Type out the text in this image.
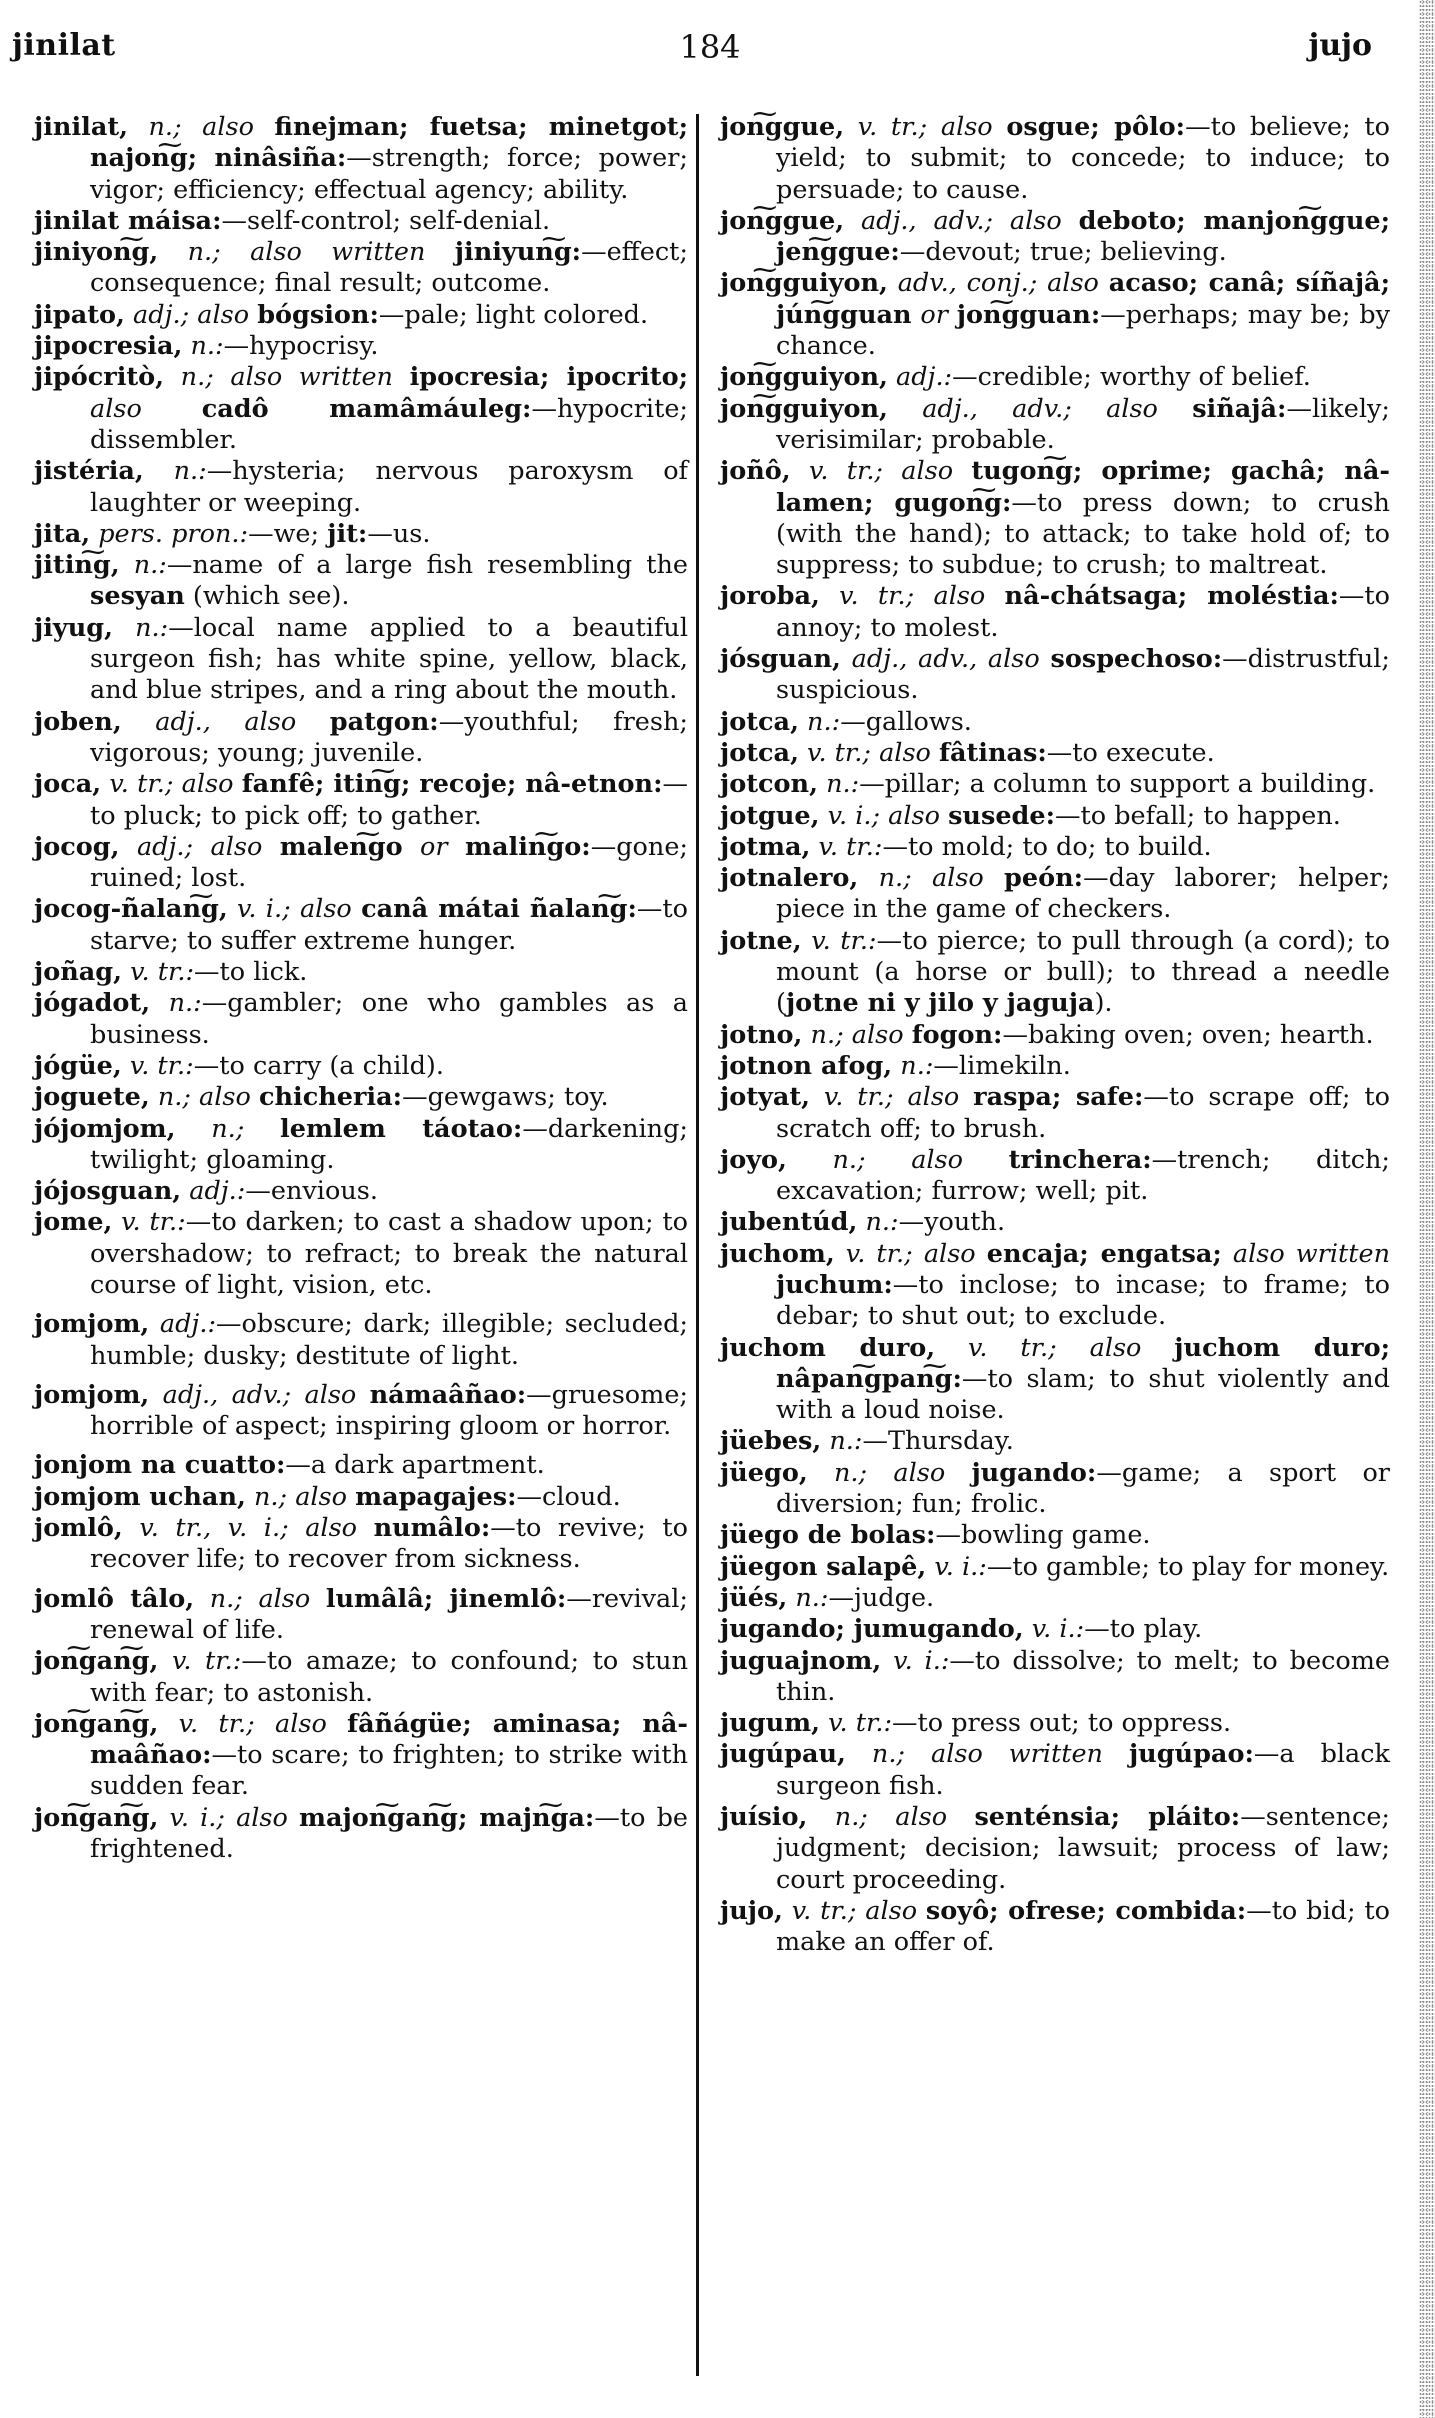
jinilat	184	jujo

jinilat, n.; also finejman; fuetsa; minetgot; najon͠g; ninâsiña:—strength; force; power; vigor; efficiency; effectual agency; ability.

jinilat máisa:—self-control; self-denial.

jiniyon͠g, n.; also written jiniyun͠g:—effect; consequence; final result; outcome.

jipato, adj.; also bógsion:—pale; light colored.

jipocresia, n.:—hypocrisy.

jipócritò, n.; also written ipocresia; ipocrito; also cadô mamâmáuleg:—hypocrite; dissembler.

jistéria, n.:—hysteria; nervous paroxysm of laughter or weeping.

jita, pers. pron.:—we; jit:—us.

jitin͠g, n.:—name of a large fish resembling the sesyan (which see).

jiyug, n.:—local name applied to a beautiful surgeon fish; has white spine, yellow, black, and blue stripes, and a ring about the mouth.

joben, adj., also patgon:—youthful; fresh; vigorous; young; juvenile.

joca, v. tr.; also fanfê; itin͠g; recoje; nâ-etnon:—to pluck; to pick off; to gather.

jocog, adj.; also malen͠go or malin͠go:—gone; ruined; lost.

jocog-ñalan͠g, v. i.; also canâ mátai ñalan͠g:—to starve; to suffer extreme hunger.

joñag, v. tr.:—to lick.

jógadot, n.:—gambler; one who gambles as a business.

jógüe, v. tr.:—to carry (a child).

joguete, n.; also chicheria:—gewgaws; toy.

jójomjom, n.; lemlem táotao:—darkening; twilight; gloaming.

jójosguan, adj.:—envious.

jome, v. tr.:—to darken; to cast a shadow upon; to overshadow; to refract; to break the natural course of light, vision, etc.

jomjom, adj.:—obscure; dark; illegible; secluded; humble; dusky; destitute of light.

jomjom, adj., adv.; also námaâñao:—gruesome; horrible of aspect; inspiring gloom or horror.

jonjom na cuatto:—a dark apartment.

jomjom uchan, n.; also mapagajes:—cloud.

jomlô, v. tr., v. i.; also numâlo:—to revive; to recover life; to recover from sickness.

jomlô tâlo, n.; also lumâlâ; jinemlô:—revival; renewal of life.

jon͠gan͠g, v. tr.:—to amaze; to confound; to stun with fear; to astonish.

jon͠gan͠g, v. tr.; also fâñágüe; aminasa; nâ-maâñao:—to scare; to frighten; to strike with sudden fear.

jon͠gan͠g, v. i.; also majon͠gan͠g; majn͠ga:—to be frightened.

jon͠ggue, v. tr.; also osgue; pôlo:—to believe; to yield; to submit; to concede; to induce; to persuade; to cause.

jon͠ggue, adj., adv.; also deboto; manjon͠ggue; jen͠ggue:—devout; true; believing.

jon͠gguiyon, adv., conj.; also acaso; canâ; síñajâ; jún͠gguan or jon͠gguan:—perhaps; may be; by chance.

jon͠gguiyon, adj.:—credible; worthy of belief.

jon͠gguiyon, adj., adv.; also siñajâ:—likely; verisimilar; probable.

joñô, v. tr.; also tugon͠g; oprime; gachâ; nâ-lamen; gugon͠g:—to press down; to crush (with the hand); to attack; to take hold of; to suppress; to subdue; to crush; to maltreat.

joroba, v. tr.; also nâ-chátsaga; moléstia:—to annoy; to molest.

jósguan, adj., adv., also sospechoso:—distrustful; suspicious.

jotca, n.:—gallows.

jotca, v. tr.; also fâtinas:—to execute.

jotcon, n.:—pillar; a column to support a building.

jotgue, v. i.; also susede:—to befall; to happen.

jotma, v. tr.:—to mold; to do; to build.

jotnalero, n.; also peón:—day laborer; helper; piece in the game of checkers.

jotne, v. tr.:—to pierce; to pull through (a cord); to mount (a horse or bull); to thread a needle (jotne ni y jilo y jaguja).

jotno, n.; also fogon:—baking oven; oven; hearth.

jotnon afog, n.:—limekiln.

jotyat, v. tr.; also raspa; safe:—to scrape off; to scratch off; to brush.

joyo, n.; also trinchera:—trench; ditch; excavation; furrow; well; pit.

jubentúd, n.:—youth.

juchom, v. tr.; also encaja; engatsa; also written juchum:—to inclose; to incase; to frame; to debar; to shut out; to exclude.

juchom duro, v. tr.; also juchom duro; nâpan͠gpan͠g:—to slam; to shut violently and with a loud noise.

jüebes, n.:—Thursday.

jüego, n.; also jugando:—game; a sport or diversion; fun; frolic.

jüego de bolas:—bowling game.

jüegon salapê, v. i.:—to gamble; to play for money.

jüés, n.:—judge.

jugando; jumugando, v. i.:—to play.

juguajnom, v. i.:—to dissolve; to melt; to become thin.

jugum, v. tr.:—to press out; to oppress.

jugúpau, n.; also written jugúpao:—a black surgeon fish.

juísio, n.; also senténsia; pláito:—sentence; judgment; decision; lawsuit; process of law; court proceeding.

jujo, v. tr.; also soyô; ofrese; combida:—to bid; to make an offer of.
